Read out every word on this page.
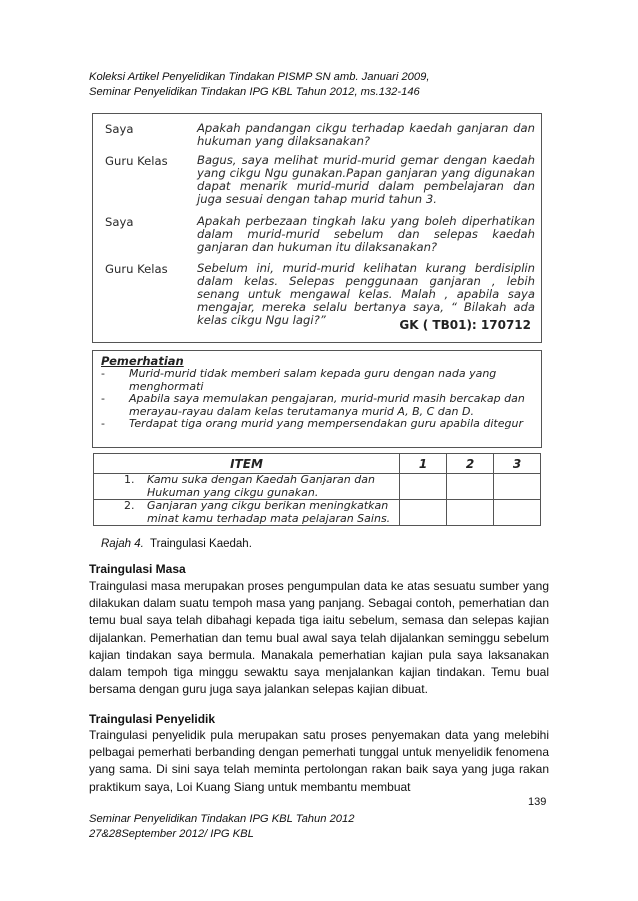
Koleksi Artikel Penyelidikan Tindakan PISMP SN amb. Januari 2009,
Seminar Penyelidikan Tindakan IPG KBL Tahun 2012, ms.132-146
Saya	Apakah pandangan cikgu terhadap kaedah ganjaran dan hukuman yang dilaksanakan?
Guru Kelas	Bagus, saya melihat murid-murid gemar dengan kaedah yang cikgu Ngu gunakan.Papan ganjaran yang digunakan dapat menarik murid-murid dalam pembelajaran dan juga sesuai dengan tahap murid tahun 3.
Saya	Apakah perbezaan tingkah laku yang boleh diperhatikan dalam murid-murid sebelum dan selepas kaedah ganjaran dan hukuman itu dilaksanakan?
Guru Kelas	Sebelum ini, murid-murid kelihatan kurang berdisiplin dalam kelas. Selepas penggunaan ganjaran , lebih senang untuk mengawal kelas. Malah , apabila saya mengajar, mereka selalu bertanya saya, “ Bilakah ada kelas cikgu Ngu lagi?”	GK ( TB01): 170712
Pemerhatian
- Murid-murid tidak memberi salam kepada guru dengan nada yang menghormati
- Apabila saya memulakan pengajaran, murid-murid masih bercakap dan merayau-rayau dalam kelas terutamanya murid A, B, C dan D.
- Terdapat tiga orang murid yang mempersendakan guru apabila ditegur
ITEM	1	2	3

1. Kamu suka dengan Kaedah Ganjaran dan Hukuman yang cikgu gunakan.			

2. Ganjaran yang cikgu berikan meningkatkan minat kamu terhadap mata pelajaran Sains.			

Rajah 4. Traingulasi Kaedah.
Traingulasi Masa

Traingulasi masa merupakan proses pengumpulan data ke atas sesuatu sumber yang dilakukan dalam suatu tempoh masa yang panjang. Sebagai contoh, pemerhatian dan temu bual saya telah dibahagi kepada tiga iaitu sebelum, semasa dan selepas kajian dijalankan. Pemerhatian dan temu bual awal saya telah dijalankan seminggu sebelum kajian tindakan saya bermula. Manakala pemerhatian kajian pula saya laksanakan dalam tempoh tiga minggu sewaktu saya menjalankan kajian tindakan. Temu bual bersama dengan guru juga saya jalankan selepas kajian dibuat.

Traingulasi Penyelidik

Traingulasi penyelidik pula merupakan satu proses penyemakan data yang melebihi pelbagai pemerhati berbanding dengan pemerhati tunggal untuk menyelidik fenomena yang sama. Di sini saya telah meminta pertolongan rakan baik saya yang juga rakan praktikum saya, Loi Kuang Siang untuk membantu membuat

139
Seminar Penyelidikan Tindakan IPG KBL Tahun 2012
27&28September 2012/ IPG KBL
